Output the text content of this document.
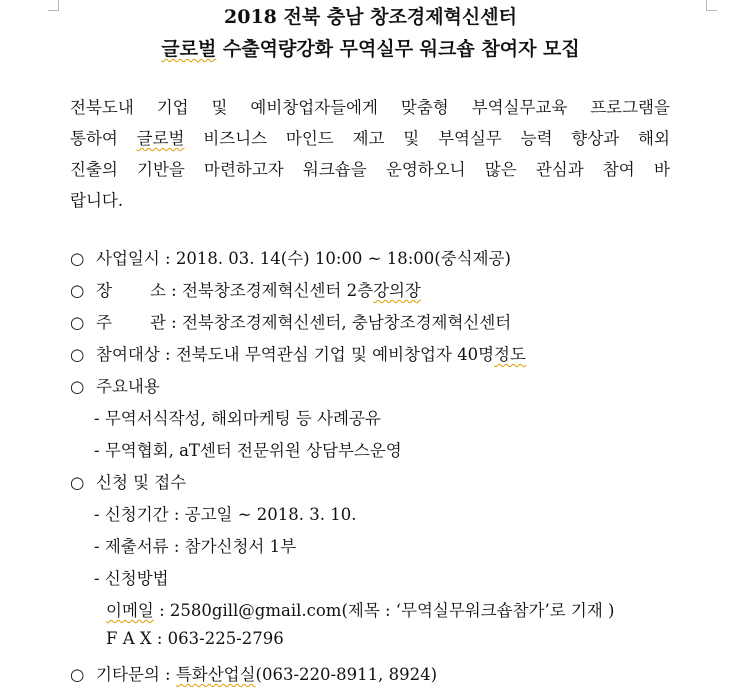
2018 전북 충남 창조경제혁신센터
글로벌 수출역량강화 무역실무 워크숍 참여자 모집
전북도내 기업 및 예비창업자들에게 맞춤형 부역실무교육 프로그램을
통하여 글로벌 비즈니스 마인드 제고 및 부역실무 능력 향상과 해외
진출의 기반을 마련하고자 워크숍을 운영하오니 많은 관심과 참여 바
랍니다.
○ 사업일시 : 2018. 03. 14(수) 10:00 ~ 18:00(중식제공)
○ 장 소 : 전북창조경제혁신센터 2층강의장
○ 주 관 : 전북창조경제혁신센터, 충남창조경제혁신센터
○ 참여대상 : 전북도내 무역관심 기업 및 예비창업자 40명정도
○ 주요내용
- 무역서식작성, 해외마케팅 등 사례공유
- 무역협회, aT센터 전문위원 상담부스운영
○ 신청 및 접수
- 신청기간 : 공고일 ~ 2018. 3. 10.
- 제출서류 : 참가신청서 1부
- 신청방법
이메일 : 2580gill@gmail.com(제목 : ‘무역실무워크숍참가’로 기재 )
F A X : 063-225-2796
○ 기타문의 : 특화산업실(063-220-8911, 8924)
